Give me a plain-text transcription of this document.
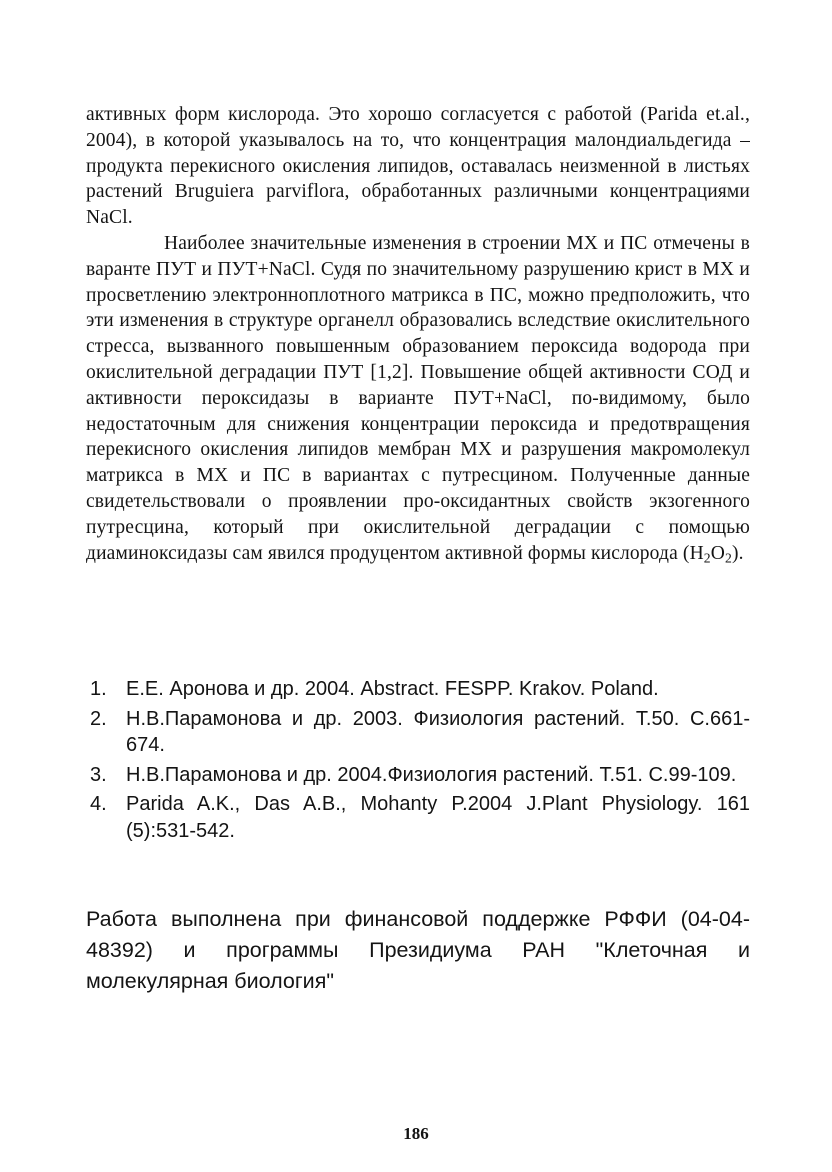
активных форм кислорода. Это хорошо согласуется с работой (Parida et.al., 2004), в которой указывалось на то, что концентрация малондиальдегида – продукта перекисного окисления липидов, оставалась неизменной в листьях растений Bruguiera parviflora, обработанных различными концентрациями NaCl.

Наиболее значительные изменения в строении МХ и ПС отмечены в варанте ПУТ и ПУТ+NaCl. Судя по значительному разрушению крист в МХ и просветлению электронноплотного матрикса в ПС, можно предположить, что эти изменения в структуре органелл образовались вследствие окислительного стресса, вызванного повышенным образованием пероксида водорода при окислительной деградации ПУТ [1,2]. Повышение общей активности СОД и активности пероксидазы в варианте ПУТ+NaCl, по-видимому, было недостаточным для снижения концентрации пероксида и предотвращения перекисного окисления липидов мембран МХ и разрушения макромолекул матрикса в МХ и ПС в вариантах с путресцином. Полученные данные свидетельствовали о проявлении про-оксидантных свойств экзогенного путресцина, который при окислительной деградации с помощью диаминоксидазы сам явился продуцентом активной формы кислорода $(H_2O_2)$.

1. Е.Е. Аронова и др. 2004. Abstract. FESPP. Krakov. Poland.
2. Н.В.Парамонова и др. 2003. Физиология растений. Т.50. С.661-674.
3. Н.В.Парамонова и др. 2004.Физиология растений. Т.51. С.99-109.
4. Parida A.K., Das A.B., Mohanty P.2004 J.Plant Physiology. 161 (5):531-542.

Работа выполнена при финансовой поддержке РФФИ (04-04-48392) и программы Президиума РАН "Клеточная и молекулярная биология"

186
